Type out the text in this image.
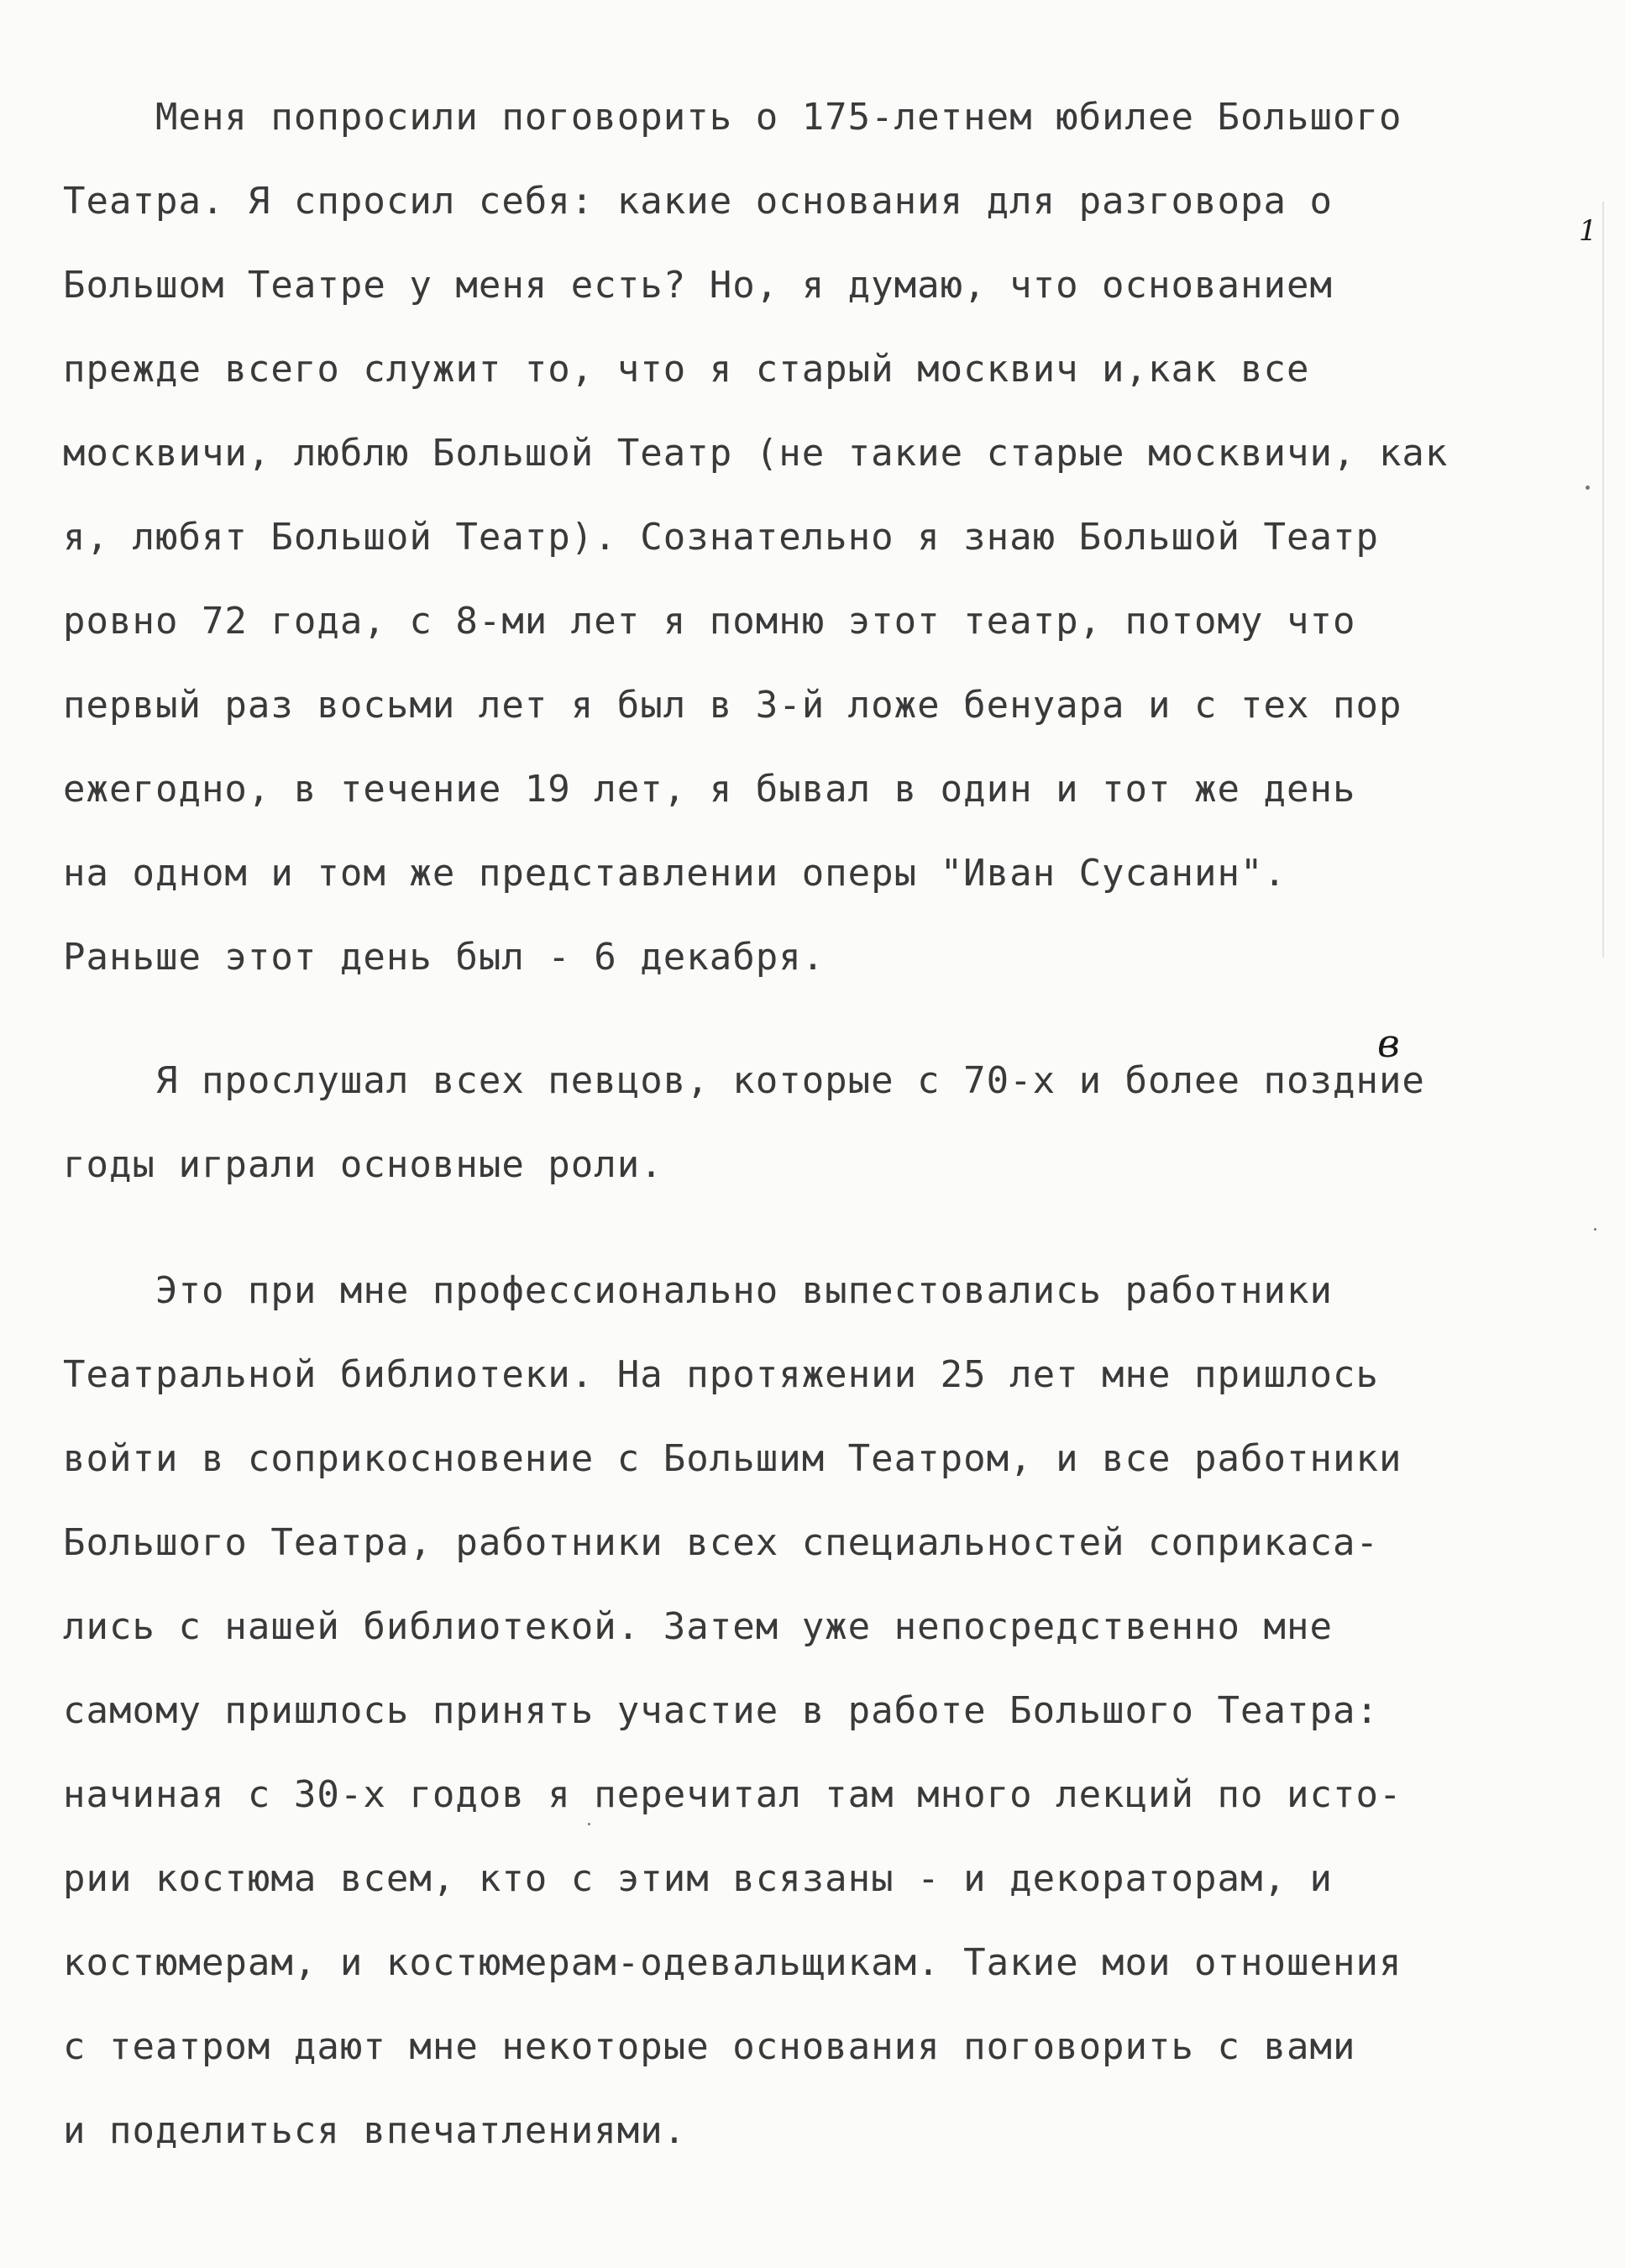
1
Меня попросили поговорить о 175-летнем юбилее Большого
Театра. Я спросил себя: какие основания для разговора о
Большом Театре у меня есть? Но, я думаю, что основанием
прежде всего служит то, что я старый москвич и,как все
москвичи, люблю Большой Театр (не такие старые москвичи, как
я, любят Большой Театр). Сознательно я знаю Большой Театр
ровно 72 года, с 8-ми лет я помню этот театр, потому что
первый раз восьми лет я был в 3-й ложе бенуара и с тех пор
ежегодно, в течение 19 лет, я бывал в один и тот же день
на одном и том же представлении оперы "Иван Сусанин".
Раньше этот день был - 6 декабря.
Я прослушал всех певцов, которые с 70-х и более поздние
в
годы играли основные роли.
Это при мне профессионально выпестовались работники
Театральной библиотеки. На протяжении 25 лет мне пришлось
войти в соприкосновение с Большим Театром, и все работники
Большого Театра, работники всех специальностей соприкаса-
лись с нашей библиотекой. Затем уже непосредственно мне
самому пришлось принять участие в работе Большого Театра:
начиная с 30-х годов я перечитал там много лекций по исто-
рии костюма всем, кто с этим всязаны - и декораторам, и
костюмерам, и костюмерам-одевальщикам. Такие мои отношения
с театром дают мне некоторые основания поговорить с вами
и поделиться впечатлениями.
